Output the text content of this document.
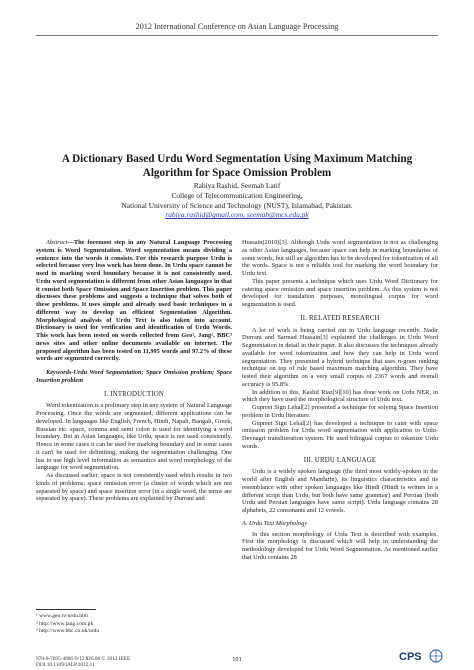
2012 International Conference on Asian Language Processing
A Dictionary Based Urdu Word Segmentation Using Maximum Matching
Algorithm for Space Omission Problem
Rabiya Rashid, Seemab Latif
College of Telecommunication Engineering,
National University of Science and Technology (NUST), Islamabad, Pakistan.
rabiya.rashid@gmail.com, seemab@mcs.edu.pk

Abstract—The foremost step in any Natural Language Processing system is Word Segmentation. Word segmentation means dividing a sentence into the words it consists. For this research purpose Urdu is selected because very less work has been done. In Urdu space cannot be used in marking word boundary because it is not consistently used. Urdu word segmentation is different from other Asian languages in that it consist both Space Omission and Space Insertion problem. This paper discusses these problems and suggests a technique that solves both of these problems. It uses simple and already used basic techniques in a different way to develop an efficient Segmentation Algorithm. Morphological analysis of Urdu Text is also taken into account. Dictionary is used for verification and identification of Urdu Words. This work has been tested on words collected from Geo¹, Jang², BBC³ news sites and other online documents available on internet. The proposed algorithm has been tested on 11,995 words and 97.2% of these words are segmented correctly.

Keywords-Urdu Word Segmentation; Space Omission problem; Space Insertion problem

I. INTRODUCTION

Word tokenization is a prelimary step in any system of Natural Language Processing. Once the words are segmented, different applications can be developed. In languages like English, French, Hindi, Napali, Bangali, Greek, Russian etc. space, comma and semi colon is used for identifying a word boundary. But in Asian languages, like Urdu, space is not used consistently. Hence in some cases it can be used for marking boundary and in some cases it can't be used for delimiting, making the segmentation challenging. One has to use high level information as semantics and word morphology of the language for word segmentation.

As discussed earlier, space is not consistently used which results in two kinds of problems; space omission error (a cluster of words which are not separated by space) and space insertion error (in a single word, the terms are separated by space). These problems are explained by Durrani and

Hussain(2010)[3]. Although Urdu word segmentation is not as challenging as other Asian languages, because space can help in marking boundaries of some words, but still an algorithm has to be developed for tokenization of all the words. Space is not a reliable tool for marking the word boundary for Urdu text.

This paper presents a technique which uses Urdu Word Dictionary for catering space omission and space insertion problem. As this system is not developed for translation purposes, monolingual corpus for word segmentation is used.

II. RELATED RESEARCH

A lot of work is being carried out in Urdu language recently. Nadir Durrani and Sarmad Hussain[3] explained the challenges in Urdu Word Segmentation in detail in their paper. It also discusses the techniques already available for word tokenization and how they can help in Urdu word segmentation. They presented a hybrid technique that uses n-gram ranking technique on top of rule based maximum matching algorithm. They have tested their algorithm on a very small corpus of 2367 words and overall accuracy is 95.8%.

In addition to this, Kashif Riaz[9][10] has done work on Urdu NER, in which they have used the morphological structure of Urdu text.

Gupreet Sign Lehal[2] presented a technique for solving Space Insertion problem in Urdu literature.

Gupreet Sign Lehal[2] has developed a technique to cater with space omission problem for Urdu word segmentation with application to Urdu-Devnagri transliteration system. He used bilingual corpus to tokenize Urdu words.

III. URDU LANGUAGE

Urdu is a widely spoken language (the third most widely-spoken in the world after English and Mandarin), its linguistics characteristics and its resemblance with other spoken languages like Hindi (Hindi is written in a different script than Urdu, but both have same grammar) and Persian (both Urdu and Persian languages have same script). Urdu language contains 28 alphabets, 22 consonants and 12 vowels.

A. Urdu Text Morphology

In this section morphology of Urdu Text is described with examples. First the morphology is discussed which will help in understanding the methodology developed for Urdu Word Segmentation. As mentioned earlier that Urdu contains 28

¹ www.geo.tv/urdu.htm
² http://www.jang.com.pk
³ http://www.bbc.co.uk/urdu
978-0-7695-4886-9/12 $26.00 © 2012 IEEE
DOI 10.1109/IALP.2012.11
101	CPS
